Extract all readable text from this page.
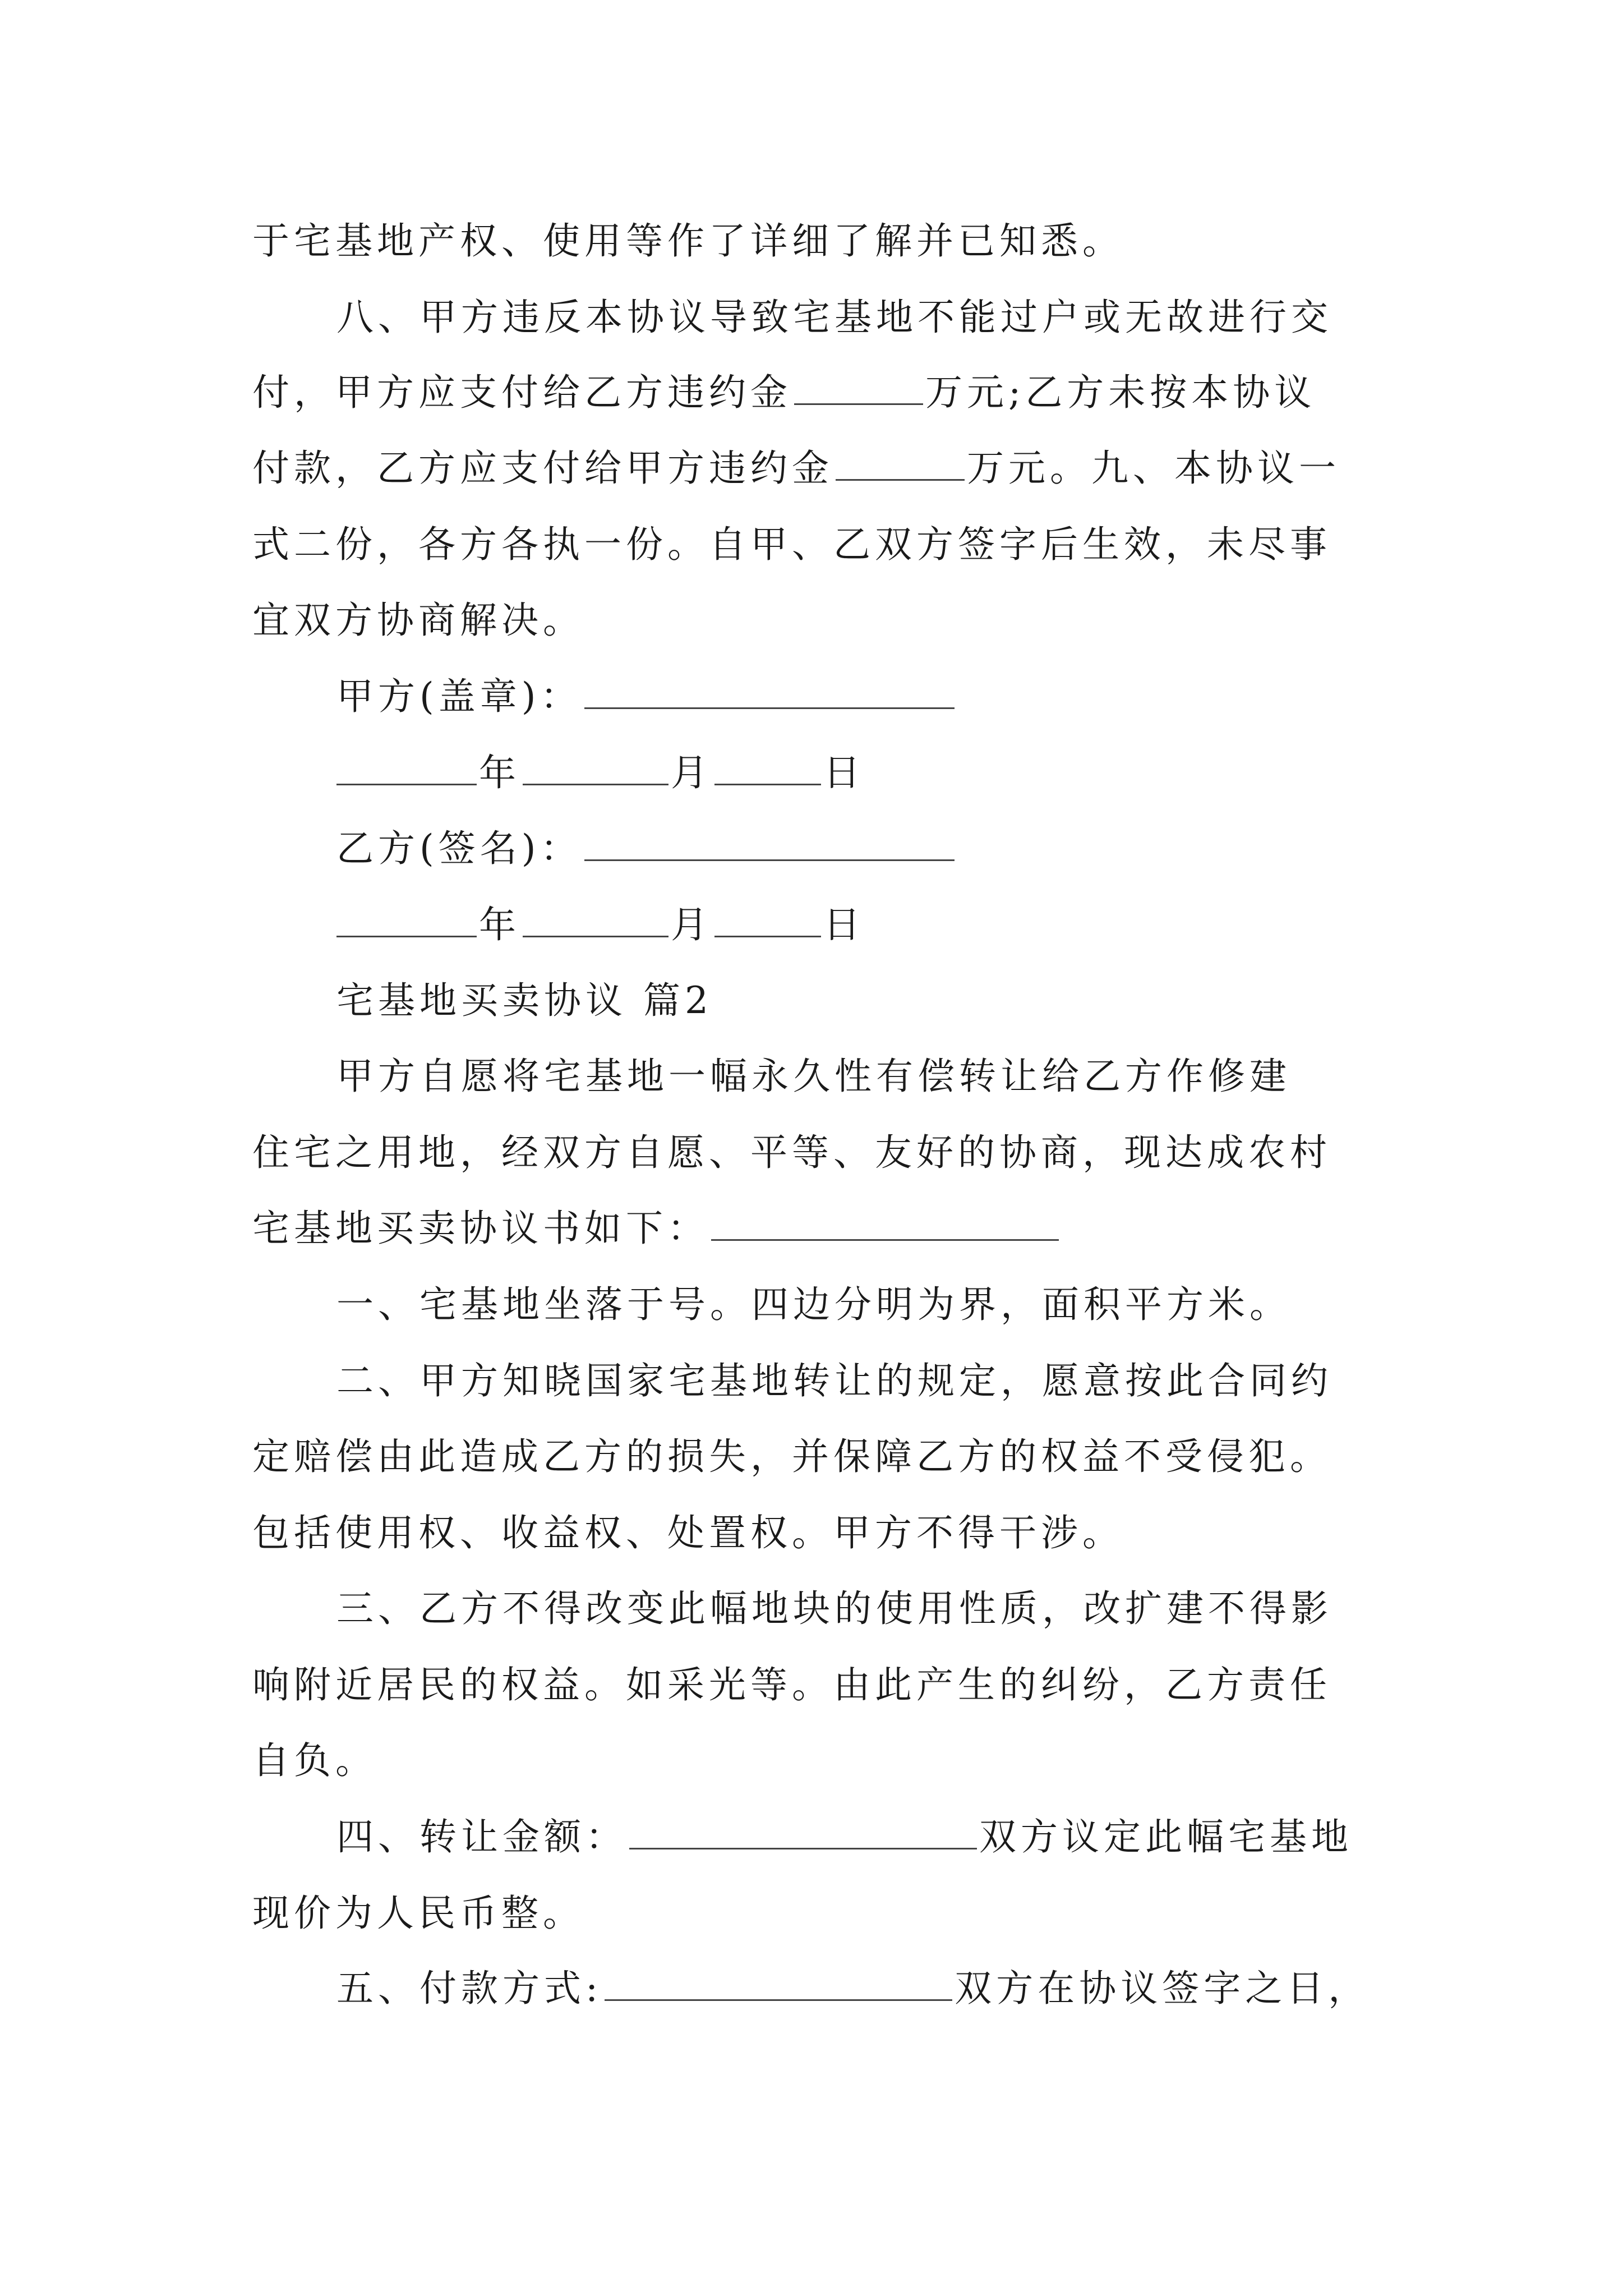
于宅基地产权、使用等作了详细了解并已知悉。
八、甲方违反本协议导致宅基地不能过户或无故进行交
付，甲方应支付给乙方违约金	万元;乙方未按本协议
付款，乙方应支付给甲方违约金	万元。九、本协议一
式二份，各方各执一份。自甲、乙双方签字后生效，未尽事
宜双方协商解决。
甲方(盖章)：
年	月	日
乙方(签名)：
年	月	日
宅基地买卖协议 篇2
甲方自愿将宅基地一幅永久性有偿转让给乙方作修建
住宅之用地，经双方自愿、平等、友好的协商，现达成农村
宅基地买卖协议书如下：
一、宅基地坐落于号。四边分明为界，面积平方米。
二、甲方知晓国家宅基地转让的规定，愿意按此合同约
定赔偿由此造成乙方的损失，并保障乙方的权益不受侵犯。
包括使用权、收益权、处置权。甲方不得干涉。
三、乙方不得改变此幅地块的使用性质，改扩建不得影
响附近居民的权益。如采光等。由此产生的纠纷，乙方责任
自负。
四、转让金额：	双方议定此幅宅基地
现价为人民币整。
五、付款方式:	双方在协议签字之日，
